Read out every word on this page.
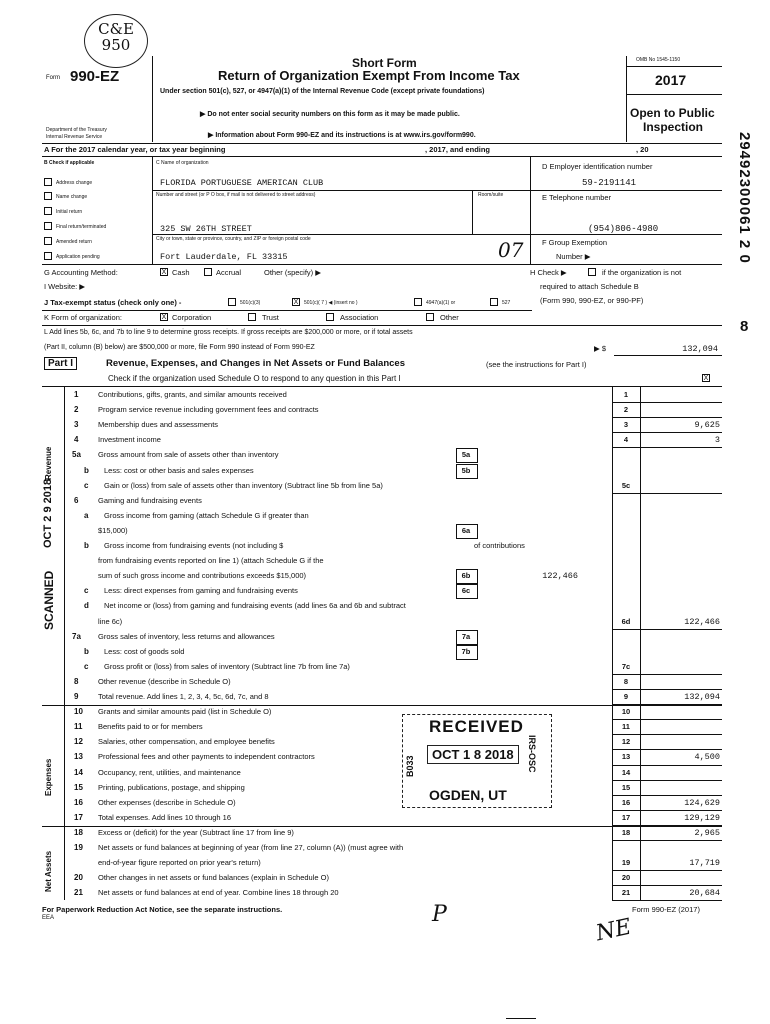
C&E
950
Form 990-EZ
Department of the Treasury
Internal Revenue Service
Short Form
Return of Organization Exempt From Income Tax
Under section 501(c), 527, or 4947(a)(1) of the Internal Revenue Code (except private foundations)
▶ Do not enter social security numbers on this form as it may be made public.
▶ Information about Form 990-EZ and its instructions is at www.irs.gov/form990.
OMB No 1545-1150
2017
Open to Public
Inspection
29492300061 2 0
8
A For the 2017 calendar year, or tax year beginning	, 2017, and ending	, 20
B Check if applicable
Address change
Name change
Initial return
Final return/terminated
Amended return
Application pending
C Name of organization
FLORIDA PORTUGUESE AMERICAN CLUB
Number and street (or P O box, if mail is not delivered to street address)	Room/suite
325 SW 26TH STREET
City or town, state or province, country, and ZIP or foreign postal code
Fort Lauderdale, FL 33315	07
D Employer identification number
59-2191141
E Telephone number
(954)806-4980
F Group Exemption
Number ▶
G Accounting Method:	X Cash	Accrual	Other (specify) ▶	H Check ▶	if the organization is not
required to attach Schedule B
(Form 990, 990-EZ, or 990-PF)
I Website: ▶
J Tax-exempt status (check only one) -	501(c)(3)	X	501(c)( 7 ) ◀ (insert no )	4947(a)(1) or	527
K Form of organization:	X Corporation	Trust	Association	Other
L Add lines 5b, 6c, and 7b to line 9 to determine gross receipts. If gross receipts are $200,000 or more, or if total assets
(Part II, column (B) below) are $500,000 or more, file Form 990 instead of Form 990-EZ	▶ $	132,094
Part I	Revenue, Expenses, and Changes in Net Assets or Fund Balances	(see the instructions for Part I)
Check if the organization used Schedule O to respond to any question in this Part I	X
Revenue
SCANNED
OCT 2 9 2018
Expenses
Net Assets
1	Contributions, gifts, grants, and similar amounts received	1
2	Program service revenue including government fees and contracts	2
3	Membership dues and assessments	3	9,625
4	Investment income	4	3
5a Gross amount from sale of assets other than inventory	5a
b Less: cost or other basis and sales expenses	5b
c Gain or (loss) from sale of assets other than inventory (Subtract line 5b from line 5a)	5c
6	Gaming and fundraising events
a Gross income from gaming (attach Schedule G if greater than
$15,000)	6a
b Gross income from fundraising events (not including $	of contributions
from fundraising events reported on line 1) (attach Schedule G if the
sum of such gross income and contributions exceeds $15,000)	6b	122,466
c Less: direct expenses from gaming and fundraising events	6c
d Net income or (loss) from gaming and fundraising events (add lines 6a and 6b and subtract
line 6c)	6d	122,466
7a Gross sales of inventory, less returns and allowances	7a
b Less: cost of goods sold	7b
c Gross profit or (loss) from sales of inventory (Subtract line 7b from line 7a)	7c
8	Other revenue (describe in Schedule O)	8
9	Total revenue. Add lines 1, 2, 3, 4, 5c, 6d, 7c, and 8	9	132,094
10 Grants and similar amounts paid (list in Schedule O)	10
11 Benefits paid to or for members	11
12 Salaries, other compensation, and employee benefits	12
13 Professional fees and other payments to independent contractors	13	4,500
14 Occupancy, rent, utilities, and maintenance	14
15 Printing, publications, postage, and shipping	15
16 Other expenses (describe in Schedule O)	16	124,629
17 Total expenses. Add lines 10 through 16	17	129,129
18 Excess or (deficit) for the year (Subtract line 17 from line 9)	18	2,965
19 Net assets or fund balances at beginning of year (from line 27, column (A)) (must agree with
end-of-year figure reported on prior year's return)	19	17,719
20 Other changes in net assets or fund balances (explain in Schedule O)	20
21 Net assets or fund balances at end of year. Combine lines 18 through 20	21	20,684
RECEIVED
OCT 1 8 2018
OGDEN, UT
B033	IRS-OSC
For Paperwork Reduction Act Notice, see the separate instructions.
EEA
Form 990-EZ (2017)
P
NE
